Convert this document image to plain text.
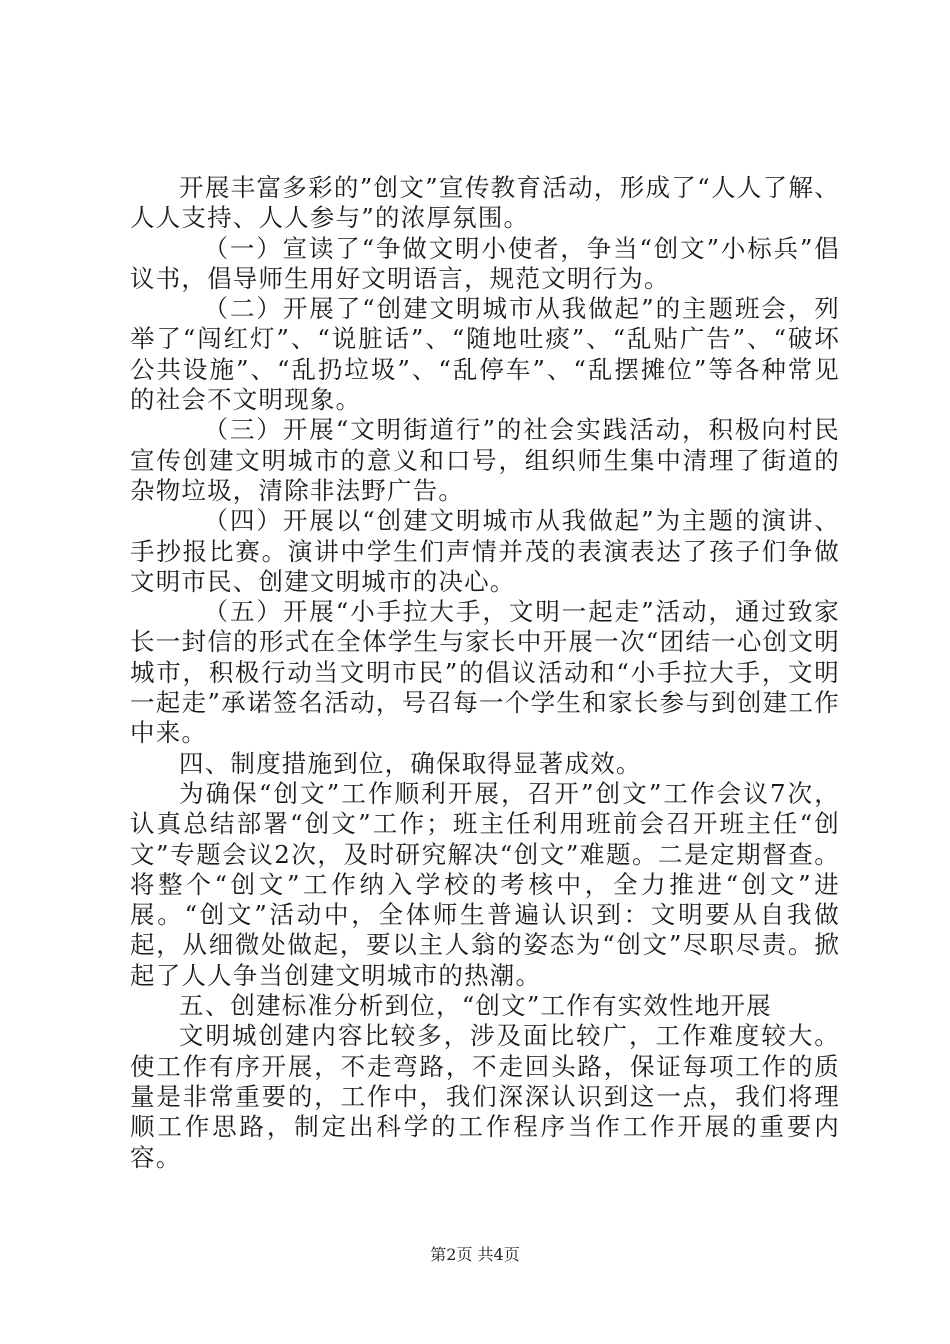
开展丰富多彩的”创文”宣传教育活动，形成了“人人了解、人人支持、人人参与”的浓厚氛围。

（一）宣读了“争做文明小使者，争当“创文”小标兵”倡议书，倡导师生用好文明语言，规范文明行为。

（二）开展了“创建文明城市从我做起”的主题班会，列举了“闯红灯”、“说脏话”、“随地吐痰”、“乱贴广告”、“破坏公共设施”、“乱扔垃圾”、“乱停车”、“乱摆摊位”等各种常见的社会不文明现象。

（三）开展“文明街道行”的社会实践活动，积极向村民宣传创建文明城市的意义和口号，组织师生集中清理了街道的杂物垃圾，清除非法野广告。

（四）开展以“创建文明城市从我做起”为主题的演讲、手抄报比赛。演讲中学生们声情并茂的表演表达了孩子们争做文明市民、创建文明城市的决心。

（五）开展“小手拉大手，文明一起走”活动，通过致家长一封信的形式在全体学生与家长中开展一次“团结一心创文明城市，积极行动当文明市民”的倡议活动和“小手拉大手，文明一起走”承诺签名活动，号召每一个学生和家长参与到创建工作中来。

四、制度措施到位，确保取得显著成效。

为确保“创文”工作顺利开展，召开”创文”工作会议7次，认真总结部署“创文”工作；班主任利用班前会召开班主任“创文”专题会议2次，及时研究解决“创文”难题。二是定期督查。将整个“创文”工作纳入学校的考核中，全力推进“创文”进展。“创文”活动中，全体师生普遍认识到：文明要从自我做起，从细微处做起，要以主人翁的姿态为“创文”尽职尽责。掀起了人人争当创建文明城市的热潮。

五、创建标准分析到位，“创文”工作有实效性地开展

文明城创建内容比较多，涉及面比较广，工作难度较大。使工作有序开展，不走弯路，不走回头路，保证每项工作的质量是非常重要的，工作中，我们深深认识到这一点，我们将理顺工作思路，制定出科学的工作程序当作工作开展的重要内容。

第2页 共4页
